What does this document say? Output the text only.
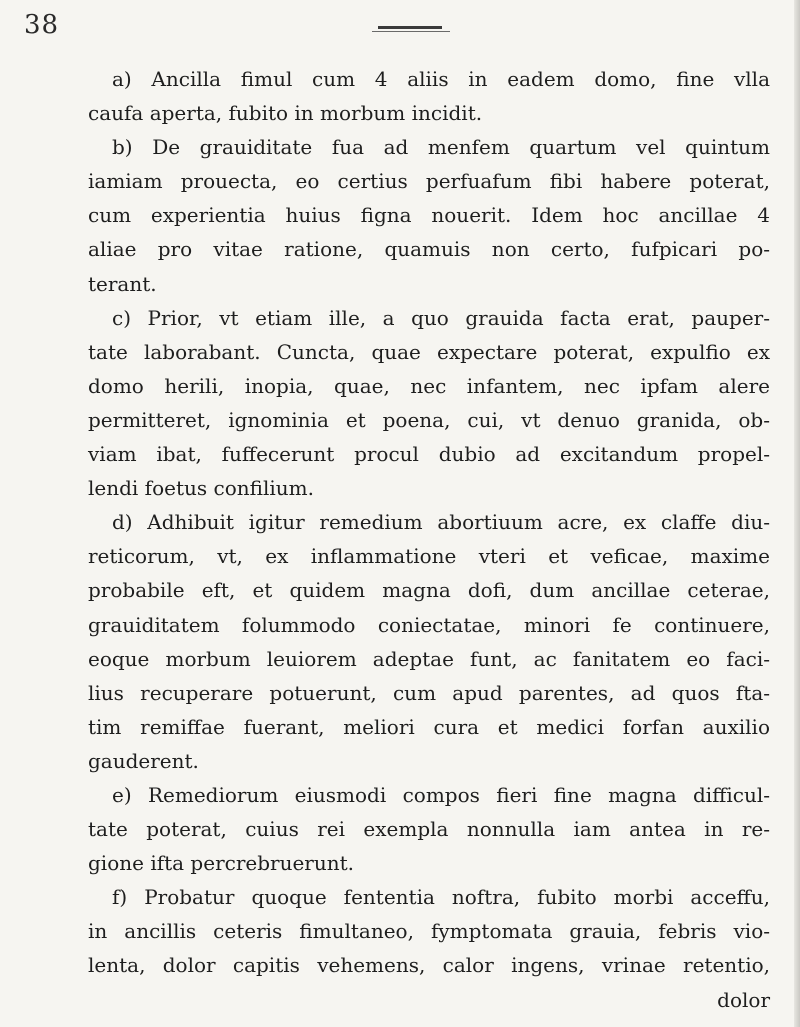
38
a) Ancilla fimul cum 4 aliis in eadem domo, fine vlla
caufa aperta, fubito in morbum incidit.
b) De grauiditate fua ad menfem quartum vel quintum
iamiam prouecta, eo certius perfuafum fibi habere poterat,
cum experientia huius figna nouerit. Idem hoc ancillae 4
aliae pro vitae ratione, quamuis non certo, fufpicari po-
terant.
c) Prior, vt etiam ille, a quo grauida facta erat, pauper-
tate laborabant. Cuncta, quae expectare poterat, expulfio ex
domo herili, inopia, quae, nec infantem, nec ipfam alere
permitteret, ignominia et poena, cui, vt denuo granida, ob-
viam ibat, fuffecerunt procul dubio ad excitandum propel-
lendi foetus confilium.
d) Adhibuit igitur remedium abortiuum acre, ex claffe diu-
reticorum, vt, ex inflammatione vteri et veficae, maxime
probabile eft, et quidem magna dofi, dum ancillae ceterae,
grauiditatem folummodo coniectatae, minori fe continuere,
eoque morbum leuiorem adeptae funt, ac fanitatem eo faci-
lius recuperare potuerunt, cum apud parentes, ad quos fta-
tim remiffae fuerant, meliori cura et medici forfan auxilio
gauderent.
e) Remediorum eiusmodi compos fieri fine magna difficul-
tate poterat, cuius rei exempla nonnulla iam antea in re-
gione ifta percrebruerunt.
f) Probatur quoque fententia noftra, fubito morbi acceffu,
in ancillis ceteris fimultaneo, fymptomata grauia, febris vio-
lenta, dolor capitis vehemens, calor ingens, vrinae retentio,
dolor
